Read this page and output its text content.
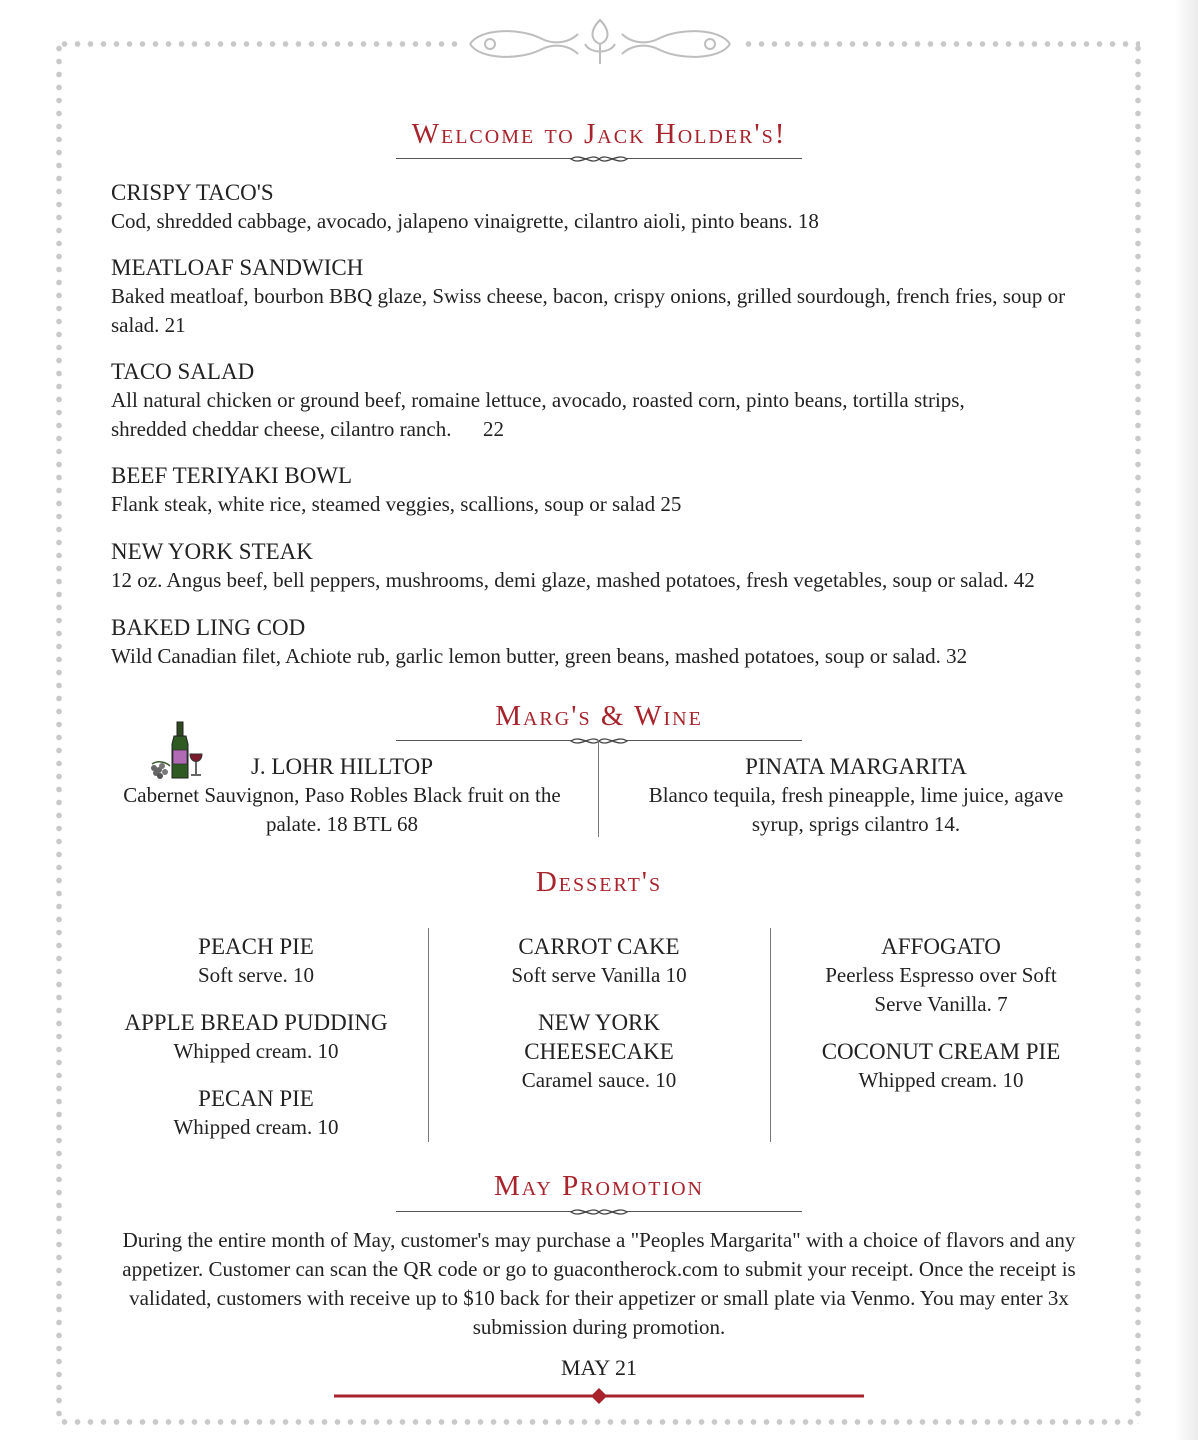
Welcome to Jack Holder's!
CRISPY TACO'S
Cod, shredded cabbage, avocado, jalapeno vinaigrette, cilantro aioli, pinto beans. 18
MEATLOAF SANDWICH
Baked meatloaf, bourbon BBQ glaze, Swiss cheese, bacon, crispy onions, grilled sourdough, french fries, soup or salad. 21
TACO SALAD
All natural chicken or ground beef, romaine lettuce, avocado, roasted corn, pinto beans, tortilla strips, shredded cheddar cheese, cilantro ranch.      22
BEEF TERIYAKI BOWL
Flank steak, white rice, steamed veggies, scallions, soup or salad 25
NEW YORK STEAK
12 oz. Angus beef, bell peppers, mushrooms, demi glaze, mashed potatoes, fresh vegetables, soup or salad. 42
BAKED LING COD
Wild Canadian filet, Achiote rub, garlic lemon butter, green beans, mashed potatoes, soup or salad. 32
Marg's & Wine
J. LOHR HILLTOP
Cabernet Sauvignon, Paso Robles Black fruit on the palate. 18 BTL 68
PINATA MARGARITA
Blanco tequila, fresh pineapple, lime juice, agave syrup, sprigs cilantro 14.
Dessert's
PEACH PIE
Soft serve. 10
APPLE BREAD PUDDING
Whipped cream. 10
PECAN PIE
Whipped cream. 10
CARROT CAKE
Soft serve Vanilla 10
NEW YORK CHEESECAKE
Caramel sauce. 10
AFFOGATO
Peerless Espresso over Soft Serve Vanilla. 7
COCONUT CREAM PIE
Whipped cream. 10
May Promotion
During the entire month of May, customer's may purchase a "Peoples Margarita" with a choice of flavors and any appetizer. Customer can scan the QR code or go to guacontherock.com to submit your receipt. Once the receipt is validated, customers with receive up to $10 back for their appetizer or small plate via Venmo. You may enter 3x submission during promotion.
MAY 21
